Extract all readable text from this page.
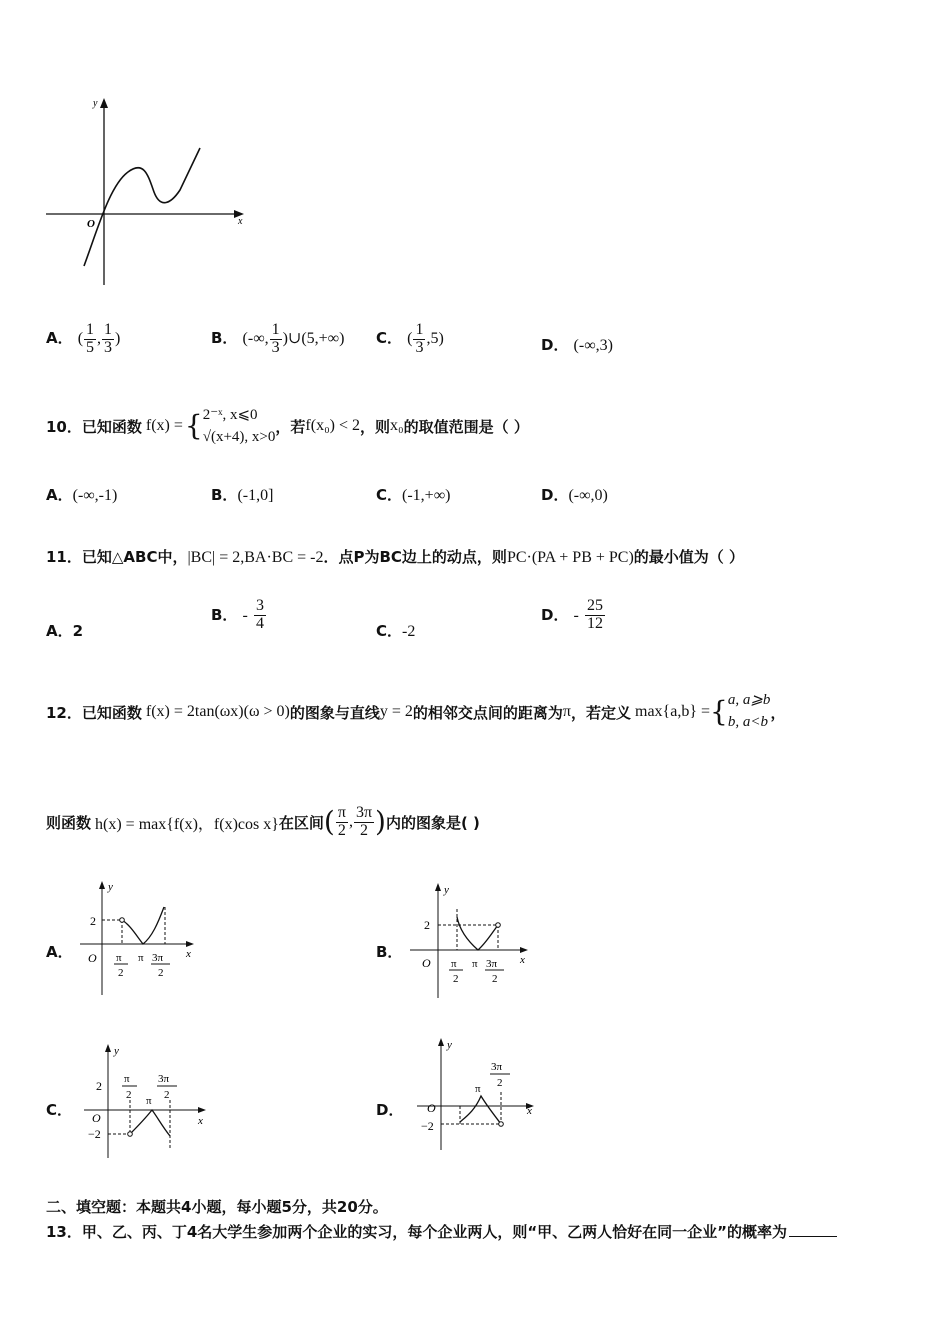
y
x
O
A． ( $\frac{1}{5}$ , $\frac{1}{3}$ )	B． (-∞, $\frac{1}{3}$ )∪(5,+∞) C． ( $\frac{1}{3} ,5$)	D． (-∞,3)
10． 已知函数 f(x) = { 2⁻ˣ, x⩽0
√(x+4), x>0
，若 f(x₀) < 2 ，则 x₀ 的取值范围是（ ）
A．(-∞,-1)	B．(-1,0]	C．(-1,+∞)	D．(-∞,0)
11．已知△ABC中，|BC| = 2,BA·BC = -2．点P为BC边上的动点，则PC·(PA + PB + PC)的最小值为（ ）
A．2
B． - $\frac{3}{4}$	C．-2
D． - $\frac{25}{12}$
12． 已知函数 f(x) = 2tan(ωx)(ω > 0) 的图象与直线 y = 2 的相邻交点间的距离为 π ，若定义 max{a,b} = { a, a⩾b
b, a<b
，
则函数 h(x) = max{f(x)，f(x)cos x} 在区间 ( $\frac{\pi}{2}$ , $\frac{3\pi}{2}$ ) 内的图象是( )
A．	B．
C．	D．
y
x
O
2
π
2
π 3π
2
y
x
O
2
π
2
π 3π
2
y
x
O
2
−2
π
2 π
3π
2
y
x
O
−2
π
3π
2
二、填空题：本题共4小题，每小题5分，共20分。
13．甲、乙、丙、丁4名大学生参加两个企业的实习，每个企业两人，则“甲、乙两人恰好在同一企业”的概率为
